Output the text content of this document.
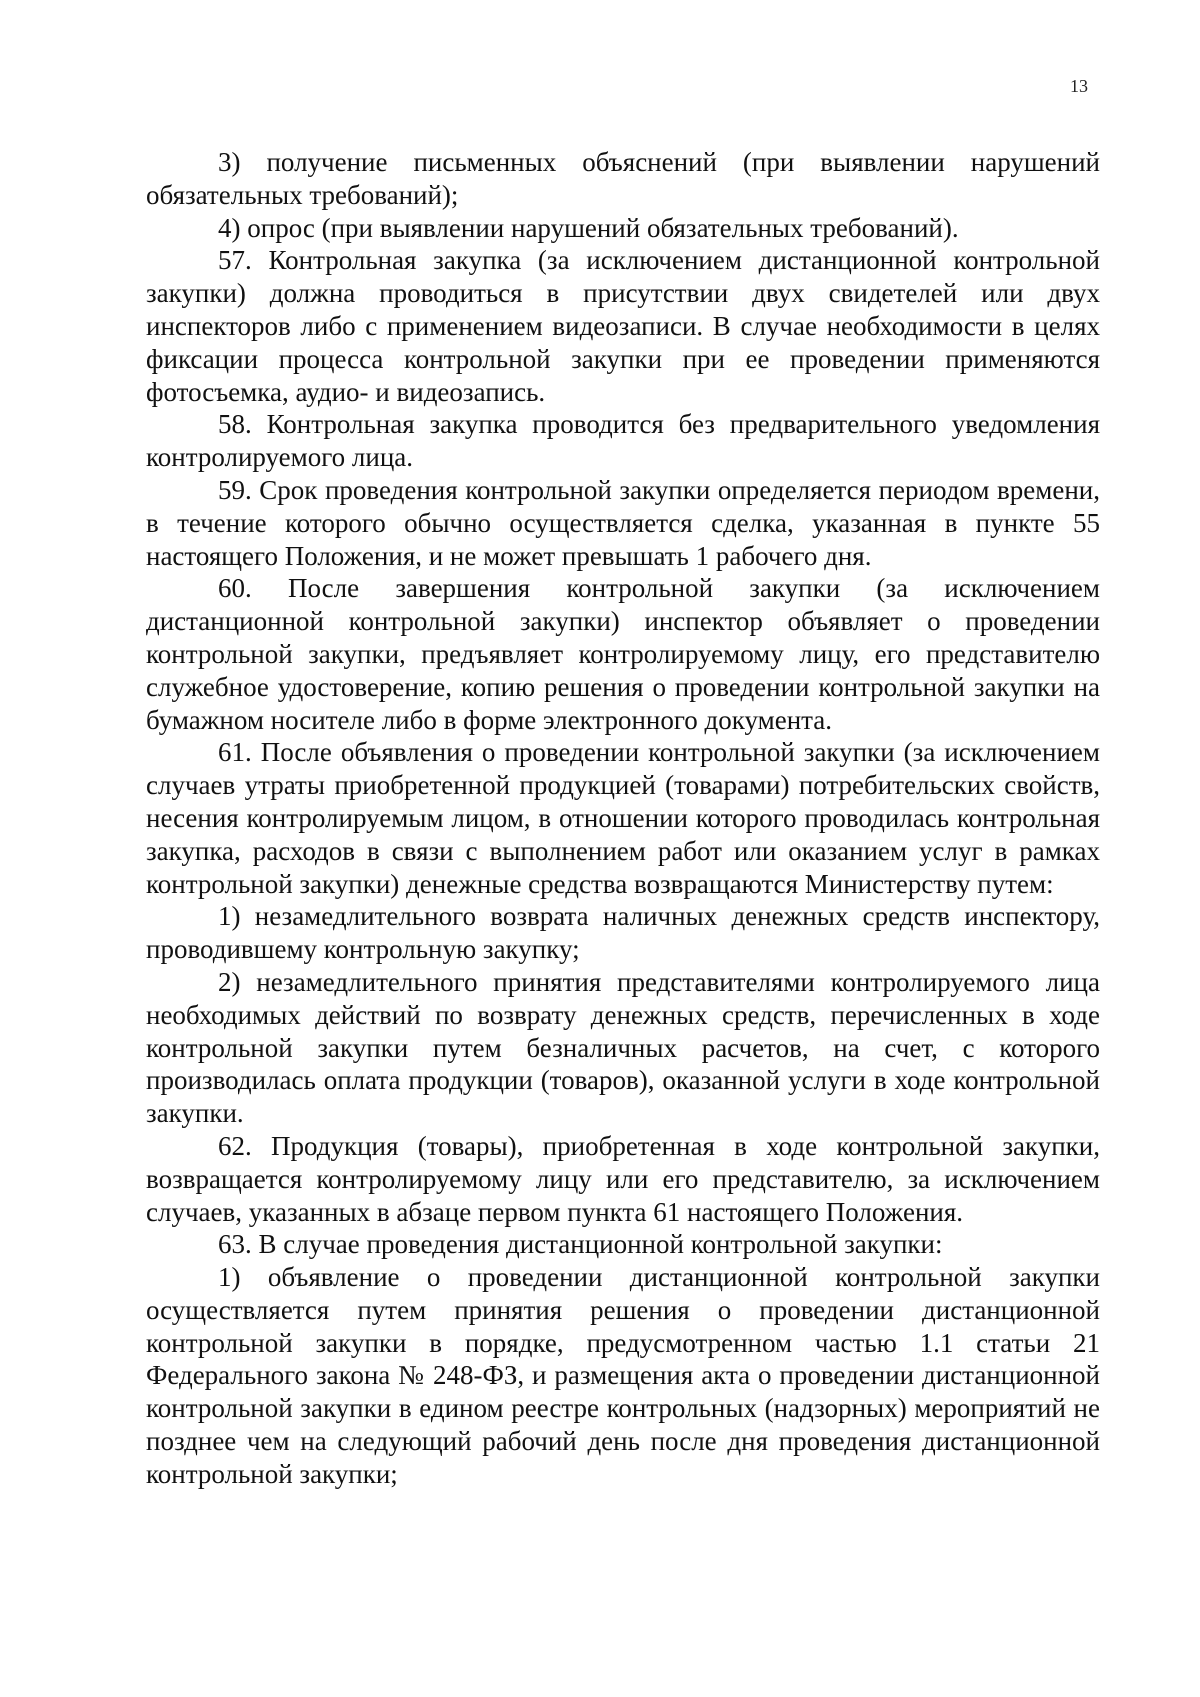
13

3) получение письменных объяснений (при выявлении нарушений обязательных требований);

4) опрос (при выявлении нарушений обязательных требований).

57. Контрольная закупка (за исключением дистанционной контрольной закупки) должна проводиться в присутствии двух свидетелей или двух инспекторов либо с применением видеозаписи. В случае необходимости в целях фиксации процесса контрольной закупки при ее проведении применяются фотосъемка, аудио- и видеозапись.

58. Контрольная закупка проводится без предварительного уведомления контролируемого лица.

59. Срок проведения контрольной закупки определяется периодом времени, в течение которого обычно осуществляется сделка, указанная в пункте 55 настоящего Положения, и не может превышать 1 рабочего дня.

60. После завершения контрольной закупки (за исключением дистанционной контрольной закупки) инспектор объявляет о проведении контрольной закупки, предъявляет контролируемому лицу, его представителю служебное удостоверение, копию решения о проведении контрольной закупки на бумажном носителе либо в форме электронного документа.

61. После объявления о проведении контрольной закупки (за исключением случаев утраты приобретенной продукцией (товарами) потребительских свойств, несения контролируемым лицом, в отношении которого проводилась контрольная закупка, расходов в связи с выполнением работ или оказанием услуг в рамках контрольной закупки) денежные средства возвращаются Министерству путем:

1) незамедлительного возврата наличных денежных средств инспектору, проводившему контрольную закупку;

2) незамедлительного принятия представителями контролируемого лица необходимых действий по возврату денежных средств, перечисленных в ходе контрольной закупки путем безналичных расчетов, на счет, с которого производилась оплата продукции (товаров), оказанной услуги в ходе контрольной закупки.

62. Продукция (товары), приобретенная в ходе контрольной закупки, возвращается контролируемому лицу или его представителю, за исключением случаев, указанных в абзаце первом пункта 61 настоящего Положения.

63. В случае проведения дистанционной контрольной закупки:

1) объявление о проведении дистанционной контрольной закупки осуществляется путем принятия решения о проведении дистанционной контрольной закупки в порядке, предусмотренном частью 1.1 статьи 21 Федерального закона № 248-ФЗ, и размещения акта о проведении дистанционной контрольной закупки в едином реестре контрольных (надзорных) мероприятий не позднее чем на следующий рабочий день после дня проведения дистанционной контрольной закупки;
